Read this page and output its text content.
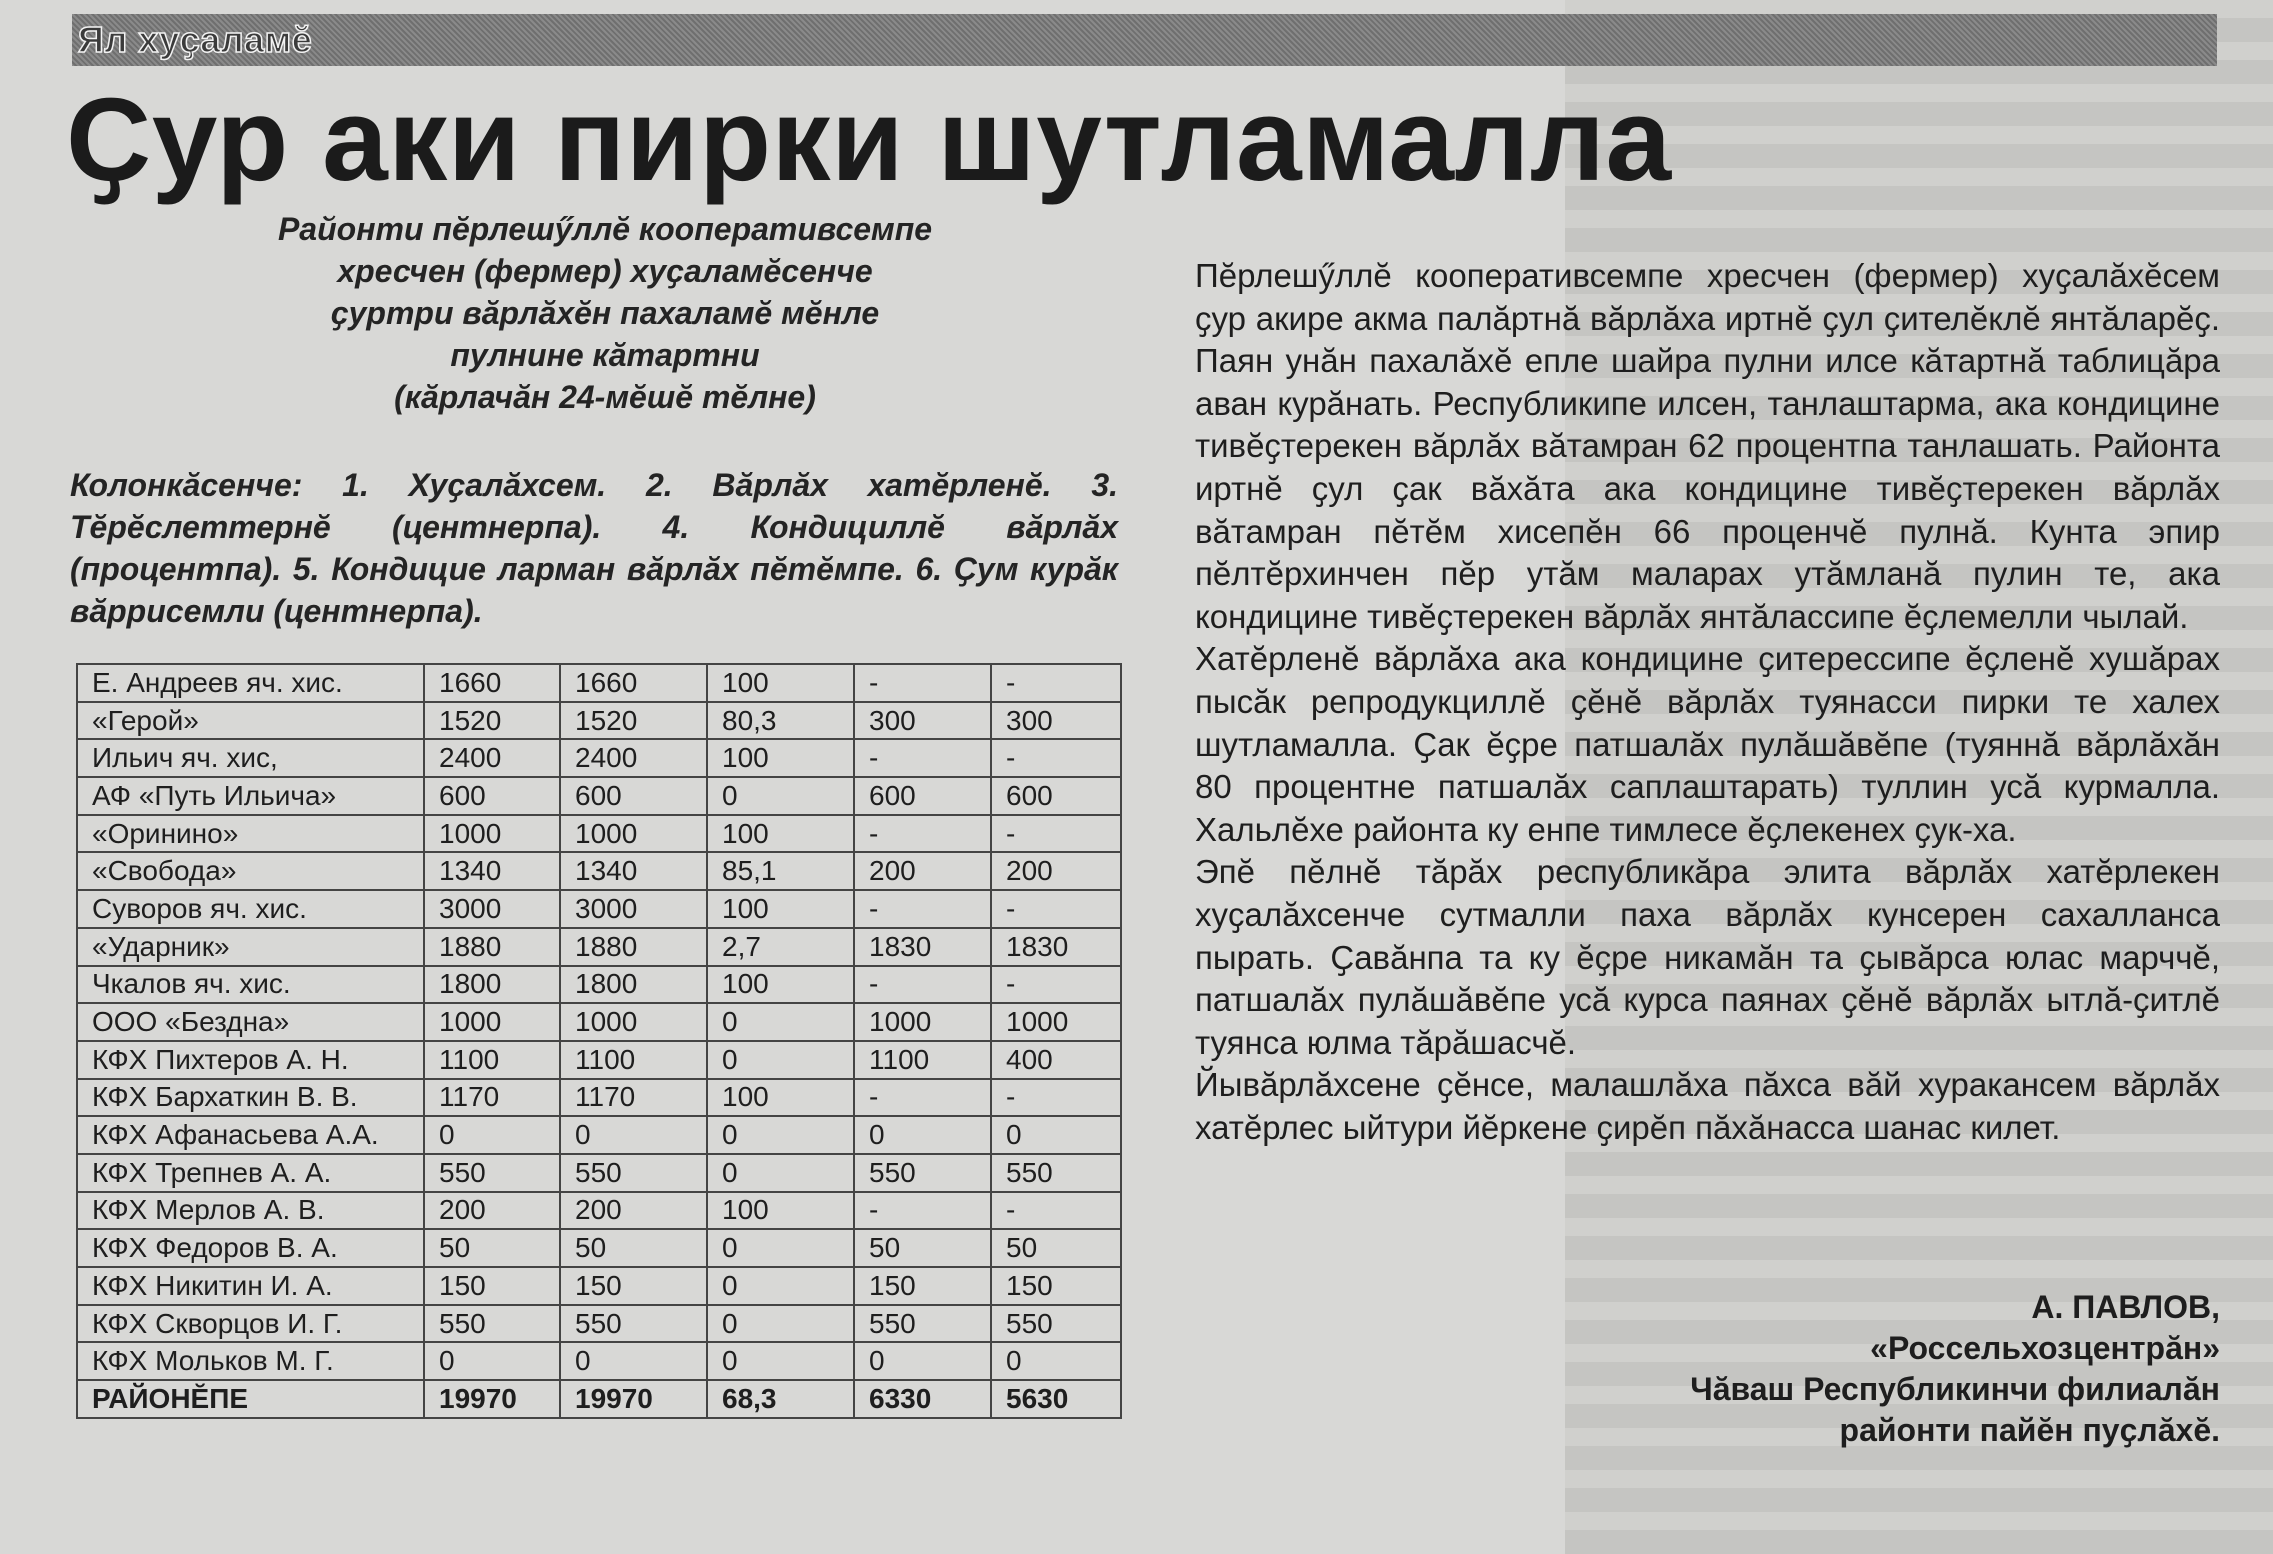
Ял хуҫаламĕ
Ҫур аки пирки шутламалла
Районти пĕрлешӳллĕ кооперативсемпе
хресчен (фермер) хуҫаламĕсенче
ҫуртри вăрлăхĕн пахаламĕ мĕнле
пулнине кăтартни
(кăрлачăн 24-мĕшĕ тĕлне)

Колонкăсенче: 1. Хуҫалăхсем. 2. Вăрлăх хатĕрленĕ. 3. Тĕрĕслеттернĕ (центнерпа). 4. Кондициллĕ вăрлăх (процентпа). 5. Кондицие ларман вăрлăх пĕтĕмпе. 6. Ҫум курăк вăррисемли (центнерпа).

Е. Андреев яч. хис.	1660	1660	100	-	-
«Герой»	1520	1520	80,3	300	300
Ильич яч. хис,	2400	2400	100	-	-
АФ «Путь Ильича»	600	600	0	600	600
«Оринино»	1000	1000	100	-	-
«Свобода»	1340	1340	85,1	200	200
Суворов яч. хис.	3000	3000	100	-	-
«Ударник»	1880	1880	2,7	1830	1830
Чкалов яч. хис.	1800	1800	100	-	-
ООО «Бездна»	1000	1000	0	1000	1000
КФХ Пихтеров А. Н.	1100	1100	0	1100	400
КФХ Бархаткин В. В.	1170	1170	100	-	-
КФХ Афанасьева А.А.	0	0	0	0	0
КФХ Трепнев А. А.	550	550	0	550	550
КФХ Мерлов А. В.	200	200	100	-	-
КФХ Федоров В. А.	50	50	0	50	50
КФХ Никитин И. А.	150	150	0	150	150
КФХ Скворцов И. Г.	550	550	0	550	550
КФХ Мольков М. Г.	0	0	0	0	0
РАЙОНĔПЕ	19970	19970	68,3	6330	5630

Пĕрлешӳллĕ кооперативсемпе хресчен (фермер) хуҫалăхĕсем ҫур акире акма палăртнă вăрлăха иртнĕ ҫул ҫителĕклĕ янтăларĕҫ. Паян унăн пахалăхĕ епле шайра пулни илсе кăтартнă таблицăра аван курăнать. Республикипе илсен, танлаштарма, ака кондицине тивĕҫтерекен вăрлăх вăтамран 62 процентпа танлашать. Районта иртнĕ ҫул ҫак вăхăта ака кондицине тивĕҫтерекен вăрлăх вăтамран пĕтĕм хисепĕн 66 проценчĕ пулнă. Кунта эпир пĕлтĕрхинчен пĕр утăм маларах утăмланă пулин те, ака кондицине тивĕҫтерекен вăрлăх янтăлассипе ĕҫлемелли чылай.

Хатĕрленĕ вăрлăха ака кондицине ҫитерессипе ĕҫленĕ хушăрах пысăк репродукциллĕ ҫĕнĕ вăрлăх туянасси пирки те халех шутламалла. Ҫак ĕҫре патшалăх пулăшăвĕпе (туяннă вăрлăхăн 80 процентне патшалăх саплаштарать) туллин усă курмалла. Хальлĕхе районта ку енпе тимлесе ĕҫлекенех ҫук-ха.

Эпĕ пĕлнĕ тăрăх республикăра элита вăрлăх хатĕрлекен хуҫалăхсенче сутмалли паха вăрлăх кунсерен сахалланса пырать. Ҫавăнпа та ку ĕҫре никамăн та ҫывăрса юлас марччĕ, патшалăх пулăшăвĕпе усă курса паянах ҫĕнĕ вăрлăх ытлă-ҫитлĕ туянса юлма тăрăшасчĕ.

Йывăрлăхсене ҫĕнсе, малашлăха пăхса вăй хуракансем вăрлăх хатĕрлес ыйтури йĕркене ҫирĕп пăхăнасса шанас килет.

А. ПАВЛОВ,
«Россельхозцентрăн»
Чăваш Республикинчи филиалăн
районти пайĕн пуҫлăхĕ.
